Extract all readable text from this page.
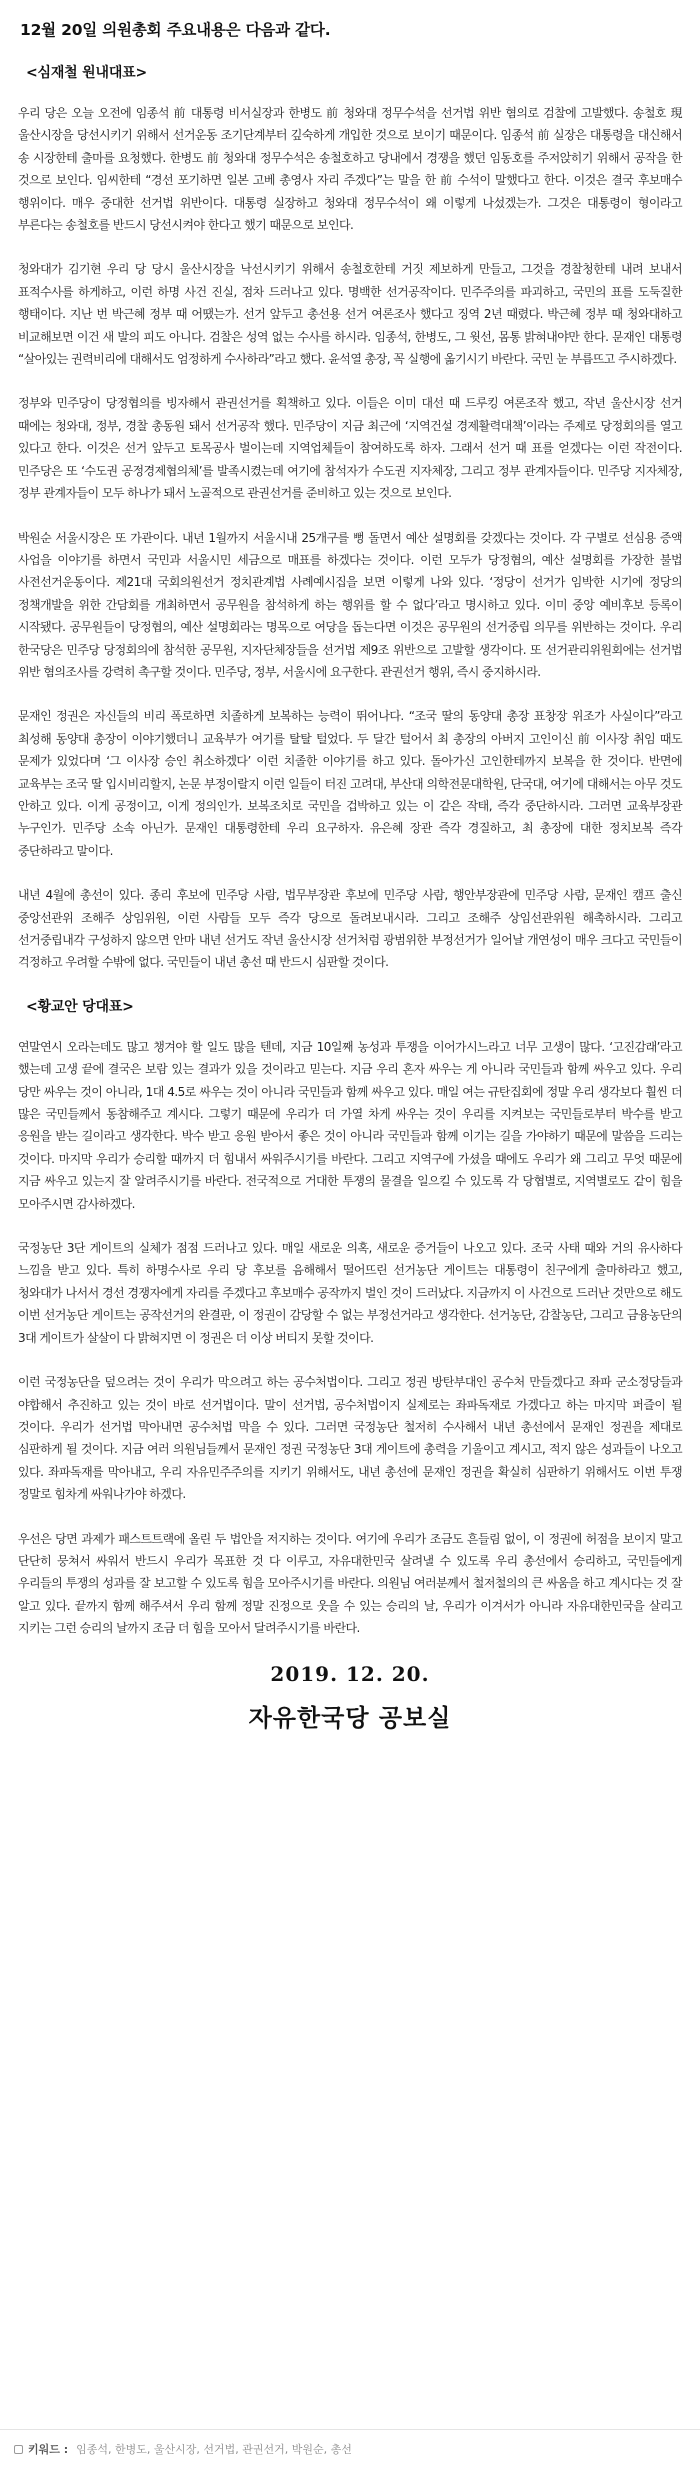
12월 20일 의원총회 주요내용은 다음과 같다.
<심재철 원내대표>

우리 당은 오늘 오전에 임종석 前 대통령 비서실장과 한병도 前 청와대 정무수석을 선거법 위반 혐의로 검찰에 고발했다. 송철호 現 울산시장을 당선시키기 위해서 선거운동 조기단계부터 깊숙하게 개입한 것으로 보이기 때문이다. 임종석 前 실장은 대통령을 대신해서 송 시장한테 출마를 요청했다. 한병도 前 청와대 정무수석은 송철호하고 당내에서 경쟁을 했던 임동호를 주저앉히기 위해서 공작을 한 것으로 보인다. 임씨한테 “경선 포기하면 일본 고베 총영사 자리 주겠다”는 말을 한 前 수석이 말했다고 한다. 이것은 결국 후보매수 행위이다. 매우 중대한 선거법 위반이다. 대통령 실장하고 청와대 정무수석이 왜 이렇게 나섰겠는가. 그것은 대통령이 형이라고 부른다는 송철호를 반드시 당선시켜야 한다고 했기 때문으로 보인다.

청와대가 김기현 우리 당 당시 울산시장을 낙선시키기 위해서 송철호한테 거짓 제보하게 만들고, 그것을 경찰청한테 내려 보내서 표적수사를 하게하고, 이런 하명 사건 진실, 점차 드러나고 있다. 명백한 선거공작이다. 민주주의를 파괴하고, 국민의 표를 도둑질한 행태이다. 지난 번 박근혜 정부 때 어땠는가. 선거 앞두고 총선용 선거 여론조사 했다고 징역 2년 때렸다. 박근혜 정부 때 청와대하고 비교해보면 이건 새 발의 피도 아니다. 검찰은 성역 없는 수사를 하시라. 임종석, 한병도, 그 윗선, 몸통 밝혀내야만 한다. 문재인 대통령 “살아있는 권력비리에 대해서도 엄정하게 수사하라”라고 했다. 윤석열 총장, 꼭 실행에 옮기시기 바란다. 국민 눈 부릅뜨고 주시하겠다.

정부와 민주당이 당정협의를 빙자해서 관권선거를 획책하고 있다. 이들은 이미 대선 때 드루킹 여론조작 했고, 작년 울산시장 선거 때에는 청와대, 정부, 경찰 총동원 돼서 선거공작 했다. 민주당이 지금 최근에 ‘지역건설 경제활력대책’이라는 주제로 당정회의를 열고 있다고 한다. 이것은 선거 앞두고 토목공사 벌이는데 지역업체들이 참여하도록 하자. 그래서 선거 때 표를 얻겠다는 이런 작전이다. 민주당은 또 ‘수도권 공정경제협의체’를 발족시켰는데 여기에 참석자가 수도권 지자체장, 그리고 정부 관계자들이다. 민주당 지자체장, 정부 관계자들이 모두 하나가 돼서 노골적으로 관권선거를 준비하고 있는 것으로 보인다.

박원순 서울시장은 또 가관이다. 내년 1월까지 서울시내 25개구를 뻥 돌면서 예산 설명회를 갖겠다는 것이다. 각 구별로 선심용 증액 사업을 이야기를 하면서 국민과 서울시민 세금으로 매표를 하겠다는 것이다. 이런 모두가 당정협의, 예산 설명회를 가장한 불법 사전선거운동이다. 제21대 국회의원선거 정치관계법 사례예시집을 보면 이렇게 나와 있다. ‘정당이 선거가 임박한 시기에 정당의 정책개발을 위한 간담회를 개최하면서 공무원을 참석하게 하는 행위를 할 수 없다’라고 명시하고 있다. 이미 중앙 예비후보 등록이 시작됐다. 공무원들이 당정협의, 예산 설명회라는 명목으로 여당을 돕는다면 이것은 공무원의 선거중립 의무를 위반하는 것이다. 우리 한국당은 민주당 당정회의에 참석한 공무원, 지자단체장들을 선거법 제9조 위반으로 고발할 생각이다. 또 선거관리위원회에는 선거법 위반 혐의조사를 강력히 촉구할 것이다. 민주당, 정부, 서울시에 요구한다. 관권선거 행위, 즉시 중지하시라.

문재인 정권은 자신들의 비리 폭로하면 치졸하게 보복하는 능력이 뛰어나다. “조국 딸의 동양대 총장 표창장 위조가 사실이다”라고 최성해 동양대 총장이 이야기했더니 교육부가 여기를 탈탈 털었다. 두 달간 털어서 최 총장의 아버지 고인이신 前 이사장 취임 때도 문제가 있었다며 ‘그 이사장 승인 취소하겠다’ 이런 치졸한 이야기를 하고 있다. 돌아가신 고인한테까지 보복을 한 것이다. 반면에 교육부는 조국 딸 입시비리할지, 논문 부정이랄지 이런 일들이 터진 고려대, 부산대 의학전문대학원, 단국대, 여기에 대해서는 아무 것도 안하고 있다. 이게 공정이고, 이게 정의인가. 보복조치로 국민을 겁박하고 있는 이 같은 작태, 즉각 중단하시라. 그러면 교육부장관 누구인가. 민주당 소속 아닌가. 문재인 대통령한테 우리 요구하자. 유은혜 장관 즉각 경질하고, 최 총장에 대한 정치보복 즉각 중단하라고 말이다.

내년 4월에 총선이 있다. 종리 후보에 민주당 사람, 법무부장관 후보에 민주당 사람, 행안부장관에 민주당 사람, 문재인 캠프 출신 중앙선관위 조해주 상임위원, 이런 사람들 모두 즉각 당으로 돌려보내시라. 그리고 조해주 상임선관위원 해촉하시라. 그리고 선거중립내각 구성하지 않으면 안마 내년 선거도 작년 울산시장 선거처럼 광범위한 부정선거가 일어날 개연성이 매우 크다고 국민들이 걱정하고 우려할 수밖에 없다. 국민들이 내년 총선 때 반드시 심판할 것이다.

<황교안 당대표>

연말연시 오라는데도 많고 챙겨야 할 일도 많을 텐데, 지금 10일째 농성과 투쟁을 이어가시느라고 너무 고생이 많다. ‘고진감래’라고 했는데 고생 끝에 결국은 보람 있는 결과가 있을 것이라고 믿는다. 지금 우리 혼자 싸우는 게 아니라 국민들과 함께 싸우고 있다. 우리 당만 싸우는 것이 아니라, 1대 4.5로 싸우는 것이 아니라 국민들과 함께 싸우고 있다. 매일 여는 규탄집회에 정말 우리 생각보다 훨씬 더 많은 국민들께서 동참해주고 계시다. 그렇기 때문에 우리가 더 가열 차게 싸우는 것이 우리를 지켜보는 국민들로부터 박수를 받고 응원을 받는 길이라고 생각한다. 박수 받고 응원 받아서 좋은 것이 아니라 국민들과 함께 이기는 길을 가야하기 때문에 말씀을 드리는 것이다. 마지막 우리가 승리할 때까지 더 힘내서 싸워주시기를 바란다. 그리고 지역구에 가셨을 때에도 우리가 왜 그리고 무엇 때문에 지금 싸우고 있는지 잘 알려주시기를 바란다. 전국적으로 거대한 투쟁의 물결을 일으킬 수 있도록 각 당협별로, 지역별로도 같이 힘을 모아주시면 감사하겠다.

국정농단 3단 게이트의 실체가 점점 드러나고 있다. 매일 새로운 의혹, 새로운 증거들이 나오고 있다. 조국 사태 때와 거의 유사하다 느낌을 받고 있다. 특히 하명수사로 우리 당 후보를 음해해서 떨어뜨린 선거농단 게이트는 대통령이 친구에게 출마하라고 했고, 청와대가 나서서 경선 경쟁자에게 자리를 주겠다고 후보매수 공작까지 벌인 것이 드러났다. 지금까지 이 사건으로 드러난 것만으로 해도 이번 선거농단 게이트는 공작선거의 완결판, 이 정권이 감당할 수 없는 부정선거라고 생각한다. 선거농단, 감찰농단, 그리고 금융농단의 3대 게이트가 살살이 다 밝혀지면 이 정권은 더 이상 버티지 못할 것이다.

이런 국정농단을 덮으려는 것이 우리가 막으려고 하는 공수처법이다. 그리고 정권 방탄부대인 공수처 만들겠다고 좌파 군소정당들과 야합해서 추진하고 있는 것이 바로 선거법이다. 말이 선거법, 공수처법이지 실제로는 좌파독재로 가겠다고 하는 마지막 퍼즐이 될 것이다. 우리가 선거법 막아내면 공수처법 막을 수 있다. 그러면 국정농단 철저히 수사해서 내년 총선에서 문재인 정권을 제대로 심판하게 될 것이다. 지금 여러 의원님들께서 문재인 정권 국정농단 3대 게이트에 총력을 기울이고 계시고, 적지 않은 성과들이 나오고 있다. 좌파독재를 막아내고, 우리 자유민주주의를 지키기 위해서도, 내년 총선에 문재인 정권을 확실히 심판하기 위해서도 이번 투쟁 정말로 힘차게 싸워나가야 하겠다.

우선은 당면 과제가 패스트트랙에 올린 두 법안을 저지하는 것이다. 여기에 우리가 조금도 흔들림 없이, 이 정권에 허점을 보이지 말고 단단히 뭉쳐서 싸워서 반드시 우리가 목표한 것 다 이루고, 자유대한민국 살려낼 수 있도록 우리 총선에서 승리하고, 국민들에게 우리들의 투쟁의 성과를 잘 보고할 수 있도록 힘을 모아주시기를 바란다. 의원님 여러분께서 철저철의의 큰 싸움을 하고 계시다는 것 잘 알고 있다. 끝까지 함께 해주셔서 우리 함께 정말 진정으로 웃을 수 있는 승리의 날, 우리가 이겨서가 아니라 자유대한민국을 살리고 지키는 그런 승리의 날까지 조금 더 힘을 모아서 달려주시기를 바란다.

2019. 12. 20.
자유한국당 공보실
키워드 : 임종석, 한병도, 울산시장, 선거법, 관권선거, 박원순, 총선
